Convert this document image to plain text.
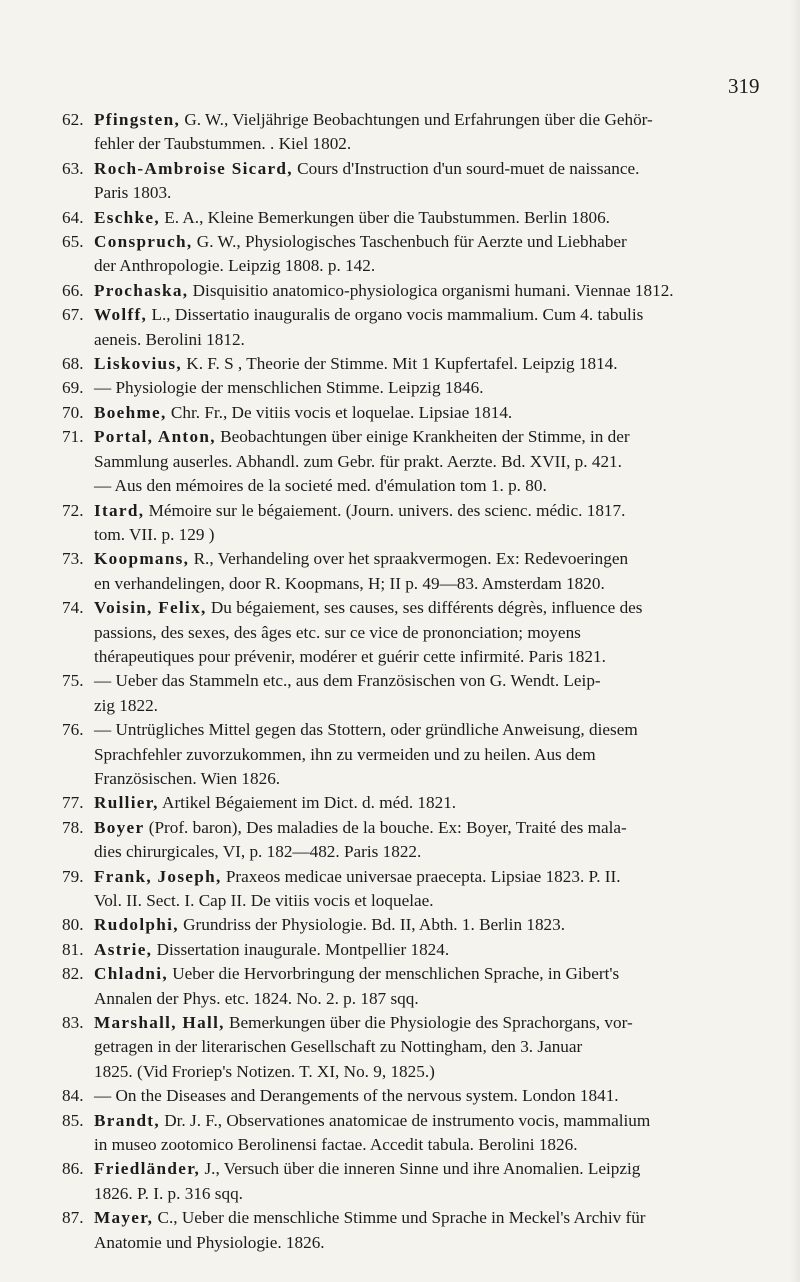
319
62. Pfingsten, G. W., Vieljährige Beobachtungen und Erfahrungen über die Gehör-
fehler der Taubstummen. . Kiel 1802.
63. Roch-Ambroise Sicard, Cours d'Instruction d'un sourd-muet de naissance.
Paris 1803.
64. Eschke, E. A., Kleine Bemerkungen über die Taubstummen. Berlin 1806.
65. Conspruch, G. W., Physiologisches Taschenbuch für Aerzte und Liebhaber
der Anthropologie. Leipzig 1808. p. 142.
66. Prochaska, Disquisitio anatomico-physiologica organismi humani. Viennae 1812.
67. Wolff, L., Dissertatio inauguralis de organo vocis mammalium. Cum 4. tabulis
aeneis. Berolini 1812.
68. Liskovius, K. F. S , Theorie der Stimme. Mit 1 Kupfertafel. Leipzig 1814.
69. — Physiologie der menschlichen Stimme. Leipzig 1846.
70. Boehme, Chr. Fr., De vitiis vocis et loquelae. Lipsiae 1814.
71. Portal, Anton, Beobachtungen über einige Krankheiten der Stimme, in der
Sammlung auserles. Abhandl. zum Gebr. für prakt. Aerzte. Bd. XVII, p. 421.
— Aus den mémoires de la societé med. d'émulation tom 1. p. 80.
72. Itard, Mémoire sur le bégaiement. (Journ. univers. des scienc. médic. 1817.
tom. VII. p. 129 )
73. Koopmans, R., Verhandeling over het spraakvermogen. Ex: Redevoeringen
en verhandelingen, door R. Koopmans, H; II p. 49—83. Amsterdam 1820.
74. Voisin, Felix, Du bégaiement, ses causes, ses différents dégrès, influence des
passions, des sexes, des âges etc. sur ce vice de prononciation; moyens
thérapeutiques pour prévenir, modérer et guérir cette infirmité. Paris 1821.
75. — Ueber das Stammeln etc., aus dem Französischen von G. Wendt. Leip-
zig 1822.
76. — Untrügliches Mittel gegen das Stottern, oder gründliche Anweisung, diesem
Sprachfehler zuvorzukommen, ihn zu vermeiden und zu heilen. Aus dem
Französischen. Wien 1826.
77. Rullier, Artikel Bégaiement im Dict. d. méd. 1821.
78. Boyer (Prof. baron), Des maladies de la bouche. Ex: Boyer, Traité des mala-
dies chirurgicales, VI, p. 182—482. Paris 1822.
79. Frank, Joseph, Praxeos medicae universae praecepta. Lipsiae 1823. P. II.
Vol. II. Sect. I. Cap II. De vitiis vocis et loquelae.
80. Rudolphi, Grundriss der Physiologie. Bd. II, Abth. 1. Berlin 1823.
81. Astrie, Dissertation inaugurale. Montpellier 1824.
82. Chladni, Ueber die Hervorbringung der menschlichen Sprache, in Gibert's
Annalen der Phys. etc. 1824. No. 2. p. 187 sqq.
83. Marshall, Hall, Bemerkungen über die Physiologie des Sprachorgans, vor-
getragen in der literarischen Gesellschaft zu Nottingham, den 3. Januar
1825. (Vid Froriep's Notizen. T. XI, No. 9, 1825.)
84. — On the Diseases and Derangements of the nervous system. London 1841.
85. Brandt, Dr. J. F., Observationes anatomicae de instrumento vocis, mammalium
in museo zootomico Berolinensi factae. Accedit tabula. Berolini 1826.
86. Friedländer, J., Versuch über die inneren Sinne und ihre Anomalien. Leipzig
1826. P. I. p. 316 sqq.
87. Mayer, C., Ueber die menschliche Stimme und Sprache in Meckel's Archiv für
Anatomie und Physiologie. 1826.
